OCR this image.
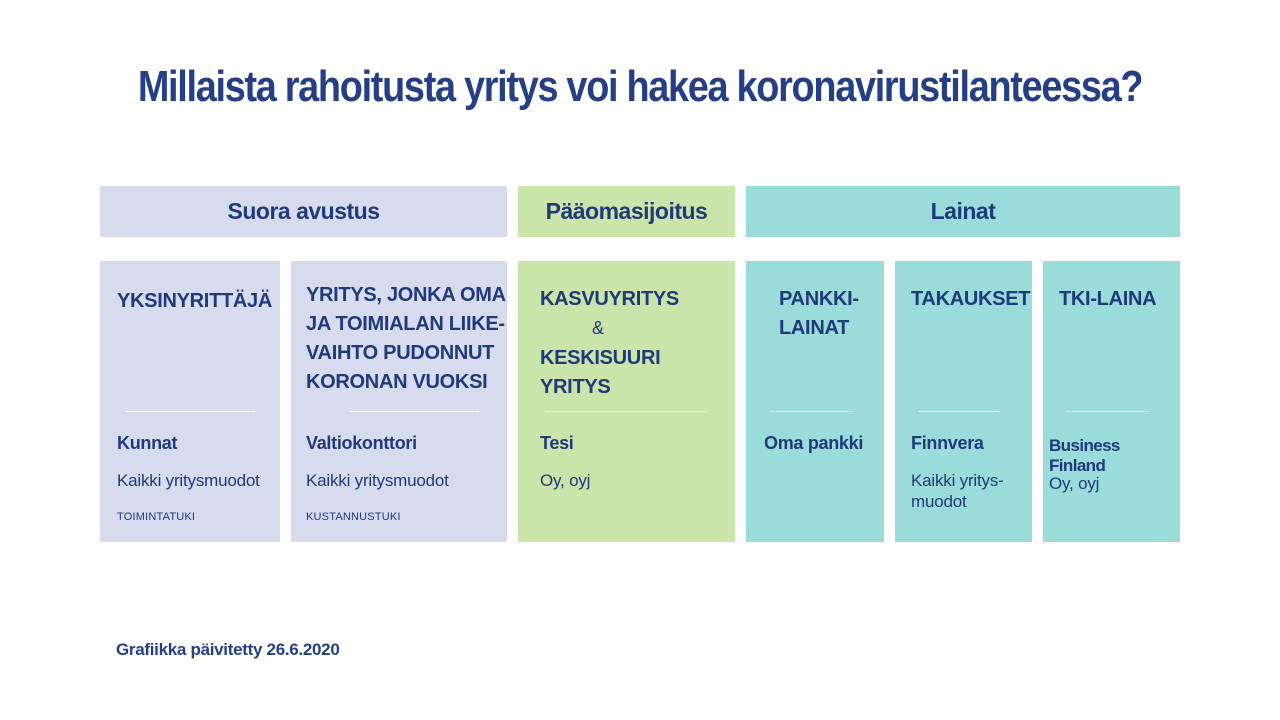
Millaista rahoitusta yritys voi hakea koronavirustilanteessa?
Suora avustus	Pääomasijoitus	Lainat
YKSINYRITTÄJÄ
Kunnat
Kaikki yritysmuodot
TOIMINTATUKI
YRITYS, JONKA OMA
JA TOIMIALAN LIIKE-
VAIHTO PUDONNUT
KORONAN VUOKSI
Valtiokonttori
Kaikki yritysmuodot
KUSTANNUSTUKI
KASVUYRITYS
&
KESKISUURI YRITYS
Tesi
Oy, oyj
PANKKI-
LAINAT
Oma pankki
TAKAUKSET
Finnvera
Kaikki yritys-
muodot
TKI-LAINA
Business Finland
Oy, oyj
Grafiikka päivitetty 26.6.2020
